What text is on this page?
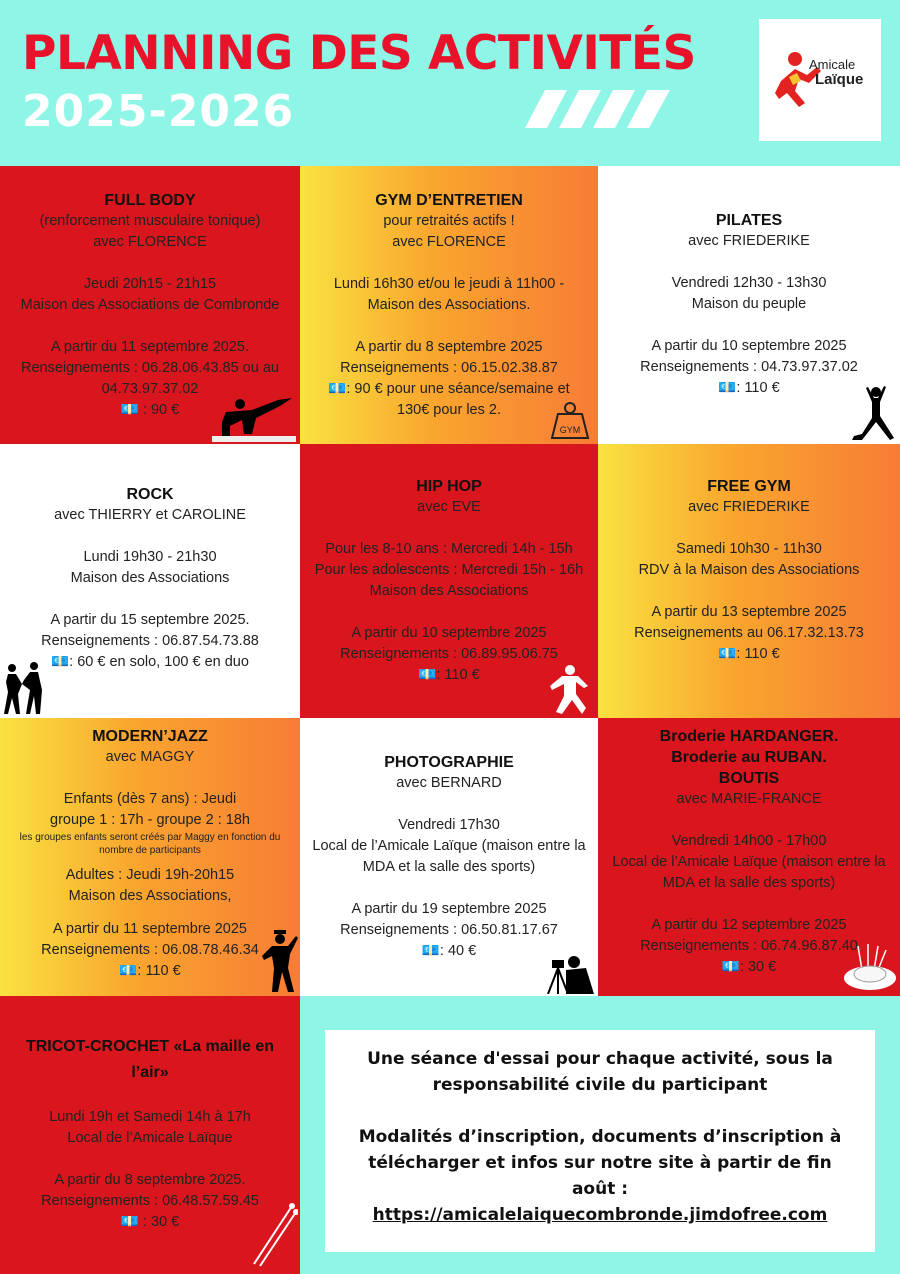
PLANNING DES ACTIVITÉS
2025-2026
Amicale
Laïque
FULL BODY
(renforcement musculaire tonique)
avec FLORENCE
Jeudi 20h15 - 21h15
Maison des Associations de Combronde
A partir du 11 septembre 2025.
Renseignements : 06.28.06.43.85 ou au 04.73.97.37.02
💶 : 90 €
GYM D’ENTRETIEN
pour retraités actifs !
avec FLORENCE
Lundi 16h30 et/ou le jeudi à 11h00 -
Maison des Associations.
A partir du 8 septembre 2025
Renseignements : 06.15.02.38.87
💶: 90 € pour une séance/semaine et 130€ pour les 2.
GYM
PILATES
avec FRIEDERIKE
Vendredi 12h30 - 13h30
Maison du peuple
A partir du 10 septembre 2025
Renseignements : 04.73.97.37.02
💶: 110 €
ROCK
avec THIERRY et CAROLINE
Lundi 19h30 - 21h30
Maison des Associations
A partir du 15 septembre 2025.
Renseignements : 06.87.54.73.88
💶: 60 € en solo, 100 € en duo
HIP HOP
avec EVE
Pour les 8-10 ans : Mercredi 14h - 15h
Pour les adolescents : Mercredi 15h - 16h
Maison des Associations
A partir du 10 septembre 2025
Renseignements : 06.89.95.06.75
💶: 110 €
FREE GYM
avec FRIEDERIKE
Samedi 10h30 - 11h30
RDV à la Maison des Associations
A partir du 13 septembre 2025
Renseignements au 06.17.32.13.73
💶: 110 €
MODERN’JAZZ
avec MAGGY
Enfants (dès 7 ans) : Jeudi
groupe 1 : 17h - groupe 2 : 18h
les groupes enfants seront créés par Maggy en fonction du nombre de participants
Adultes : Jeudi 19h-20h15
Maison des Associations,
A partir du 11 septembre 2025
Renseignements : 06.08.78.46.34
💶: 110 €
PHOTOGRAPHIE
avec BERNARD
Vendredi 17h30
Local de l’Amicale Laïque (maison entre la MDA et la salle des sports)
A partir du 19 septembre 2025
Renseignements : 06.50.81.17.67
💶: 40 €
Broderie HARDANGER.
Broderie au RUBAN.
BOUTIS
avec MARIE-FRANCE
Vendredi 14h00 - 17h00
Local de l’Amicale Laïque (maison entre la MDA et la salle des sports)
A partir du 12 septembre 2025
Renseignements : 06.74.96.87.40
💶: 30 €
TRICOT-CROCHET «La maille en l’air»
Lundi 19h et Samedi 14h à 17h
Local de l’Amicale Laïque
A partir du 8 septembre 2025.
Renseignements : 06.48.57.59.45
💶 : 30 €
Une séance d'essai pour chaque activité, sous la responsabilité civile du participant
Modalités d’inscription, documents d’inscription à télécharger et infos sur notre site à partir de fin août :
https://amicalelaiquecombronde.jimdofree.com
